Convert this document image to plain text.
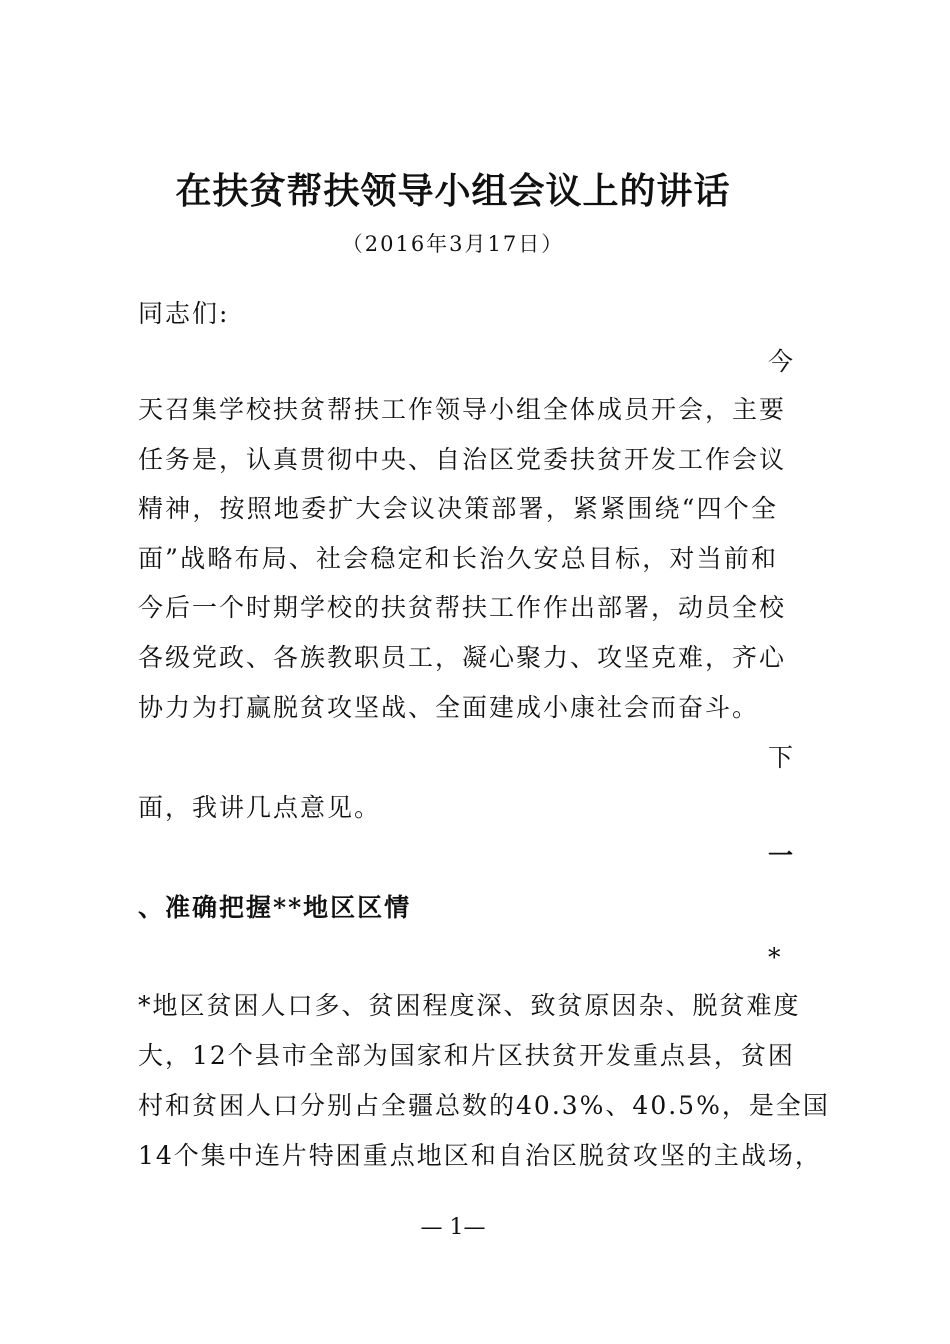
在扶贫帮扶领导小组会议上的讲话
（2016年3月17日）
同志们:
今
天召集学校扶贫帮扶工作领导小组全体成员开会，主要
任务是，认真贯彻中央、自治区党委扶贫开发工作会议
精神，按照地委扩大会议决策部署，紧紧围绕“四个全
面”战略布局、社会稳定和长治久安总目标，对当前和
今后一个时期学校的扶贫帮扶工作作出部署，动员全校
各级党政、各族教职员工，凝心聚力、攻坚克难，齐心
协力为打赢脱贫攻坚战、全面建成小康社会而奋斗。
下
面，我讲几点意见。
一
、准确把握**地区区情
*
*地区贫困人口多、贫困程度深、致贫原因杂、脱贫难度
大，12个县市全部为国家和片区扶贫开发重点县，贫困
村和贫困人口分别占全疆总数的40.3%、40.5%，是全国
14个集中连片特困重点地区和自治区脱贫攻坚的主战场，
— 1—
